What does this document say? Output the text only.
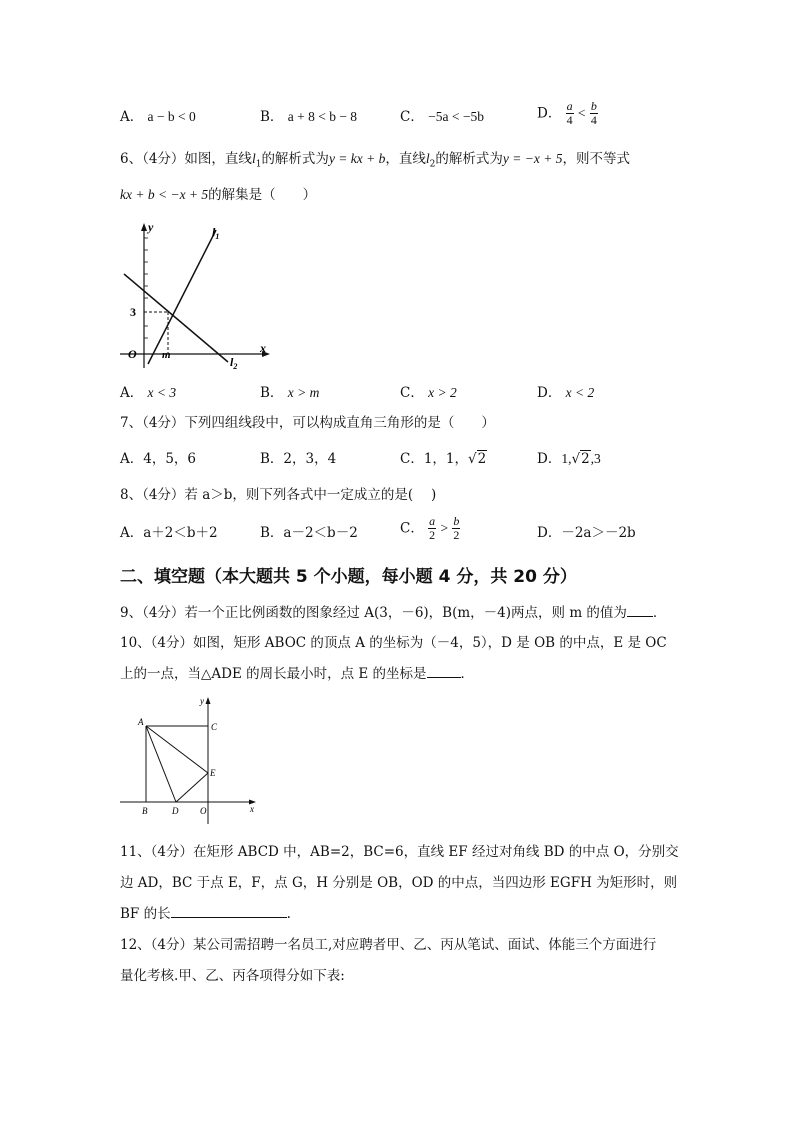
A． a − b < 0	B． a + 8 < b − 8	C． −5a < −5b	D． $\frac{a}{4} < \frac{b}{4}$
6、（4分）如图，直线$l_1$的解析式为y = kx + b，直线$l_2$的解析式为y = −x + 5，则不等式
kx + b < −x + 5的解集是（　　）
y
x
O
3
m
$l_1$
$l_2$
A． x < 3	B． x > m	C． x > 2	D． x < 2
7、（4分）下列四组线段中，可以构成直角三角形的是（　　）
A．4，5，6	B．2，3，4	C．1，1，√2	D．1,√2,3
8、（4分）若 a＞b，则下列各式中一定成立的是(　 )
A．a＋2＜b＋2	B．a－2＜b－2	C． $\frac{a}{2} > \frac{b}{2}$	D．－2a＞－2b
二、填空题（本大题共 5 个小题，每小题 4 分，共 20 分）
9、（4分）若一个正比例函数的图象经过 A(3，－6)，B(m，－4)两点，则 m 的值为 ．
10、（4分）如图，矩形 ABOC 的顶点 A 的坐标为（－4，5），D 是 OB 的中点，E 是 OC
上的一点，当△ADE 的周长最小时，点 E 的坐标是	．
y
x
A
B
C
D
E
O
11、（4分）在矩形 ABCD 中，AB=2，BC=6，直线 EF 经过对角线 BD 的中点 O，分别交
边 AD，BC 于点 E，F，点 G，H 分别是 OB，OD 的中点，当四边形 EGFH 为矩形时，则
BF 的长	.
12、（4分）某公司需招聘一名员工,对应聘者甲、乙、丙从笔试、面试、体能三个方面进行
量化考核.甲、乙、丙各项得分如下表:
